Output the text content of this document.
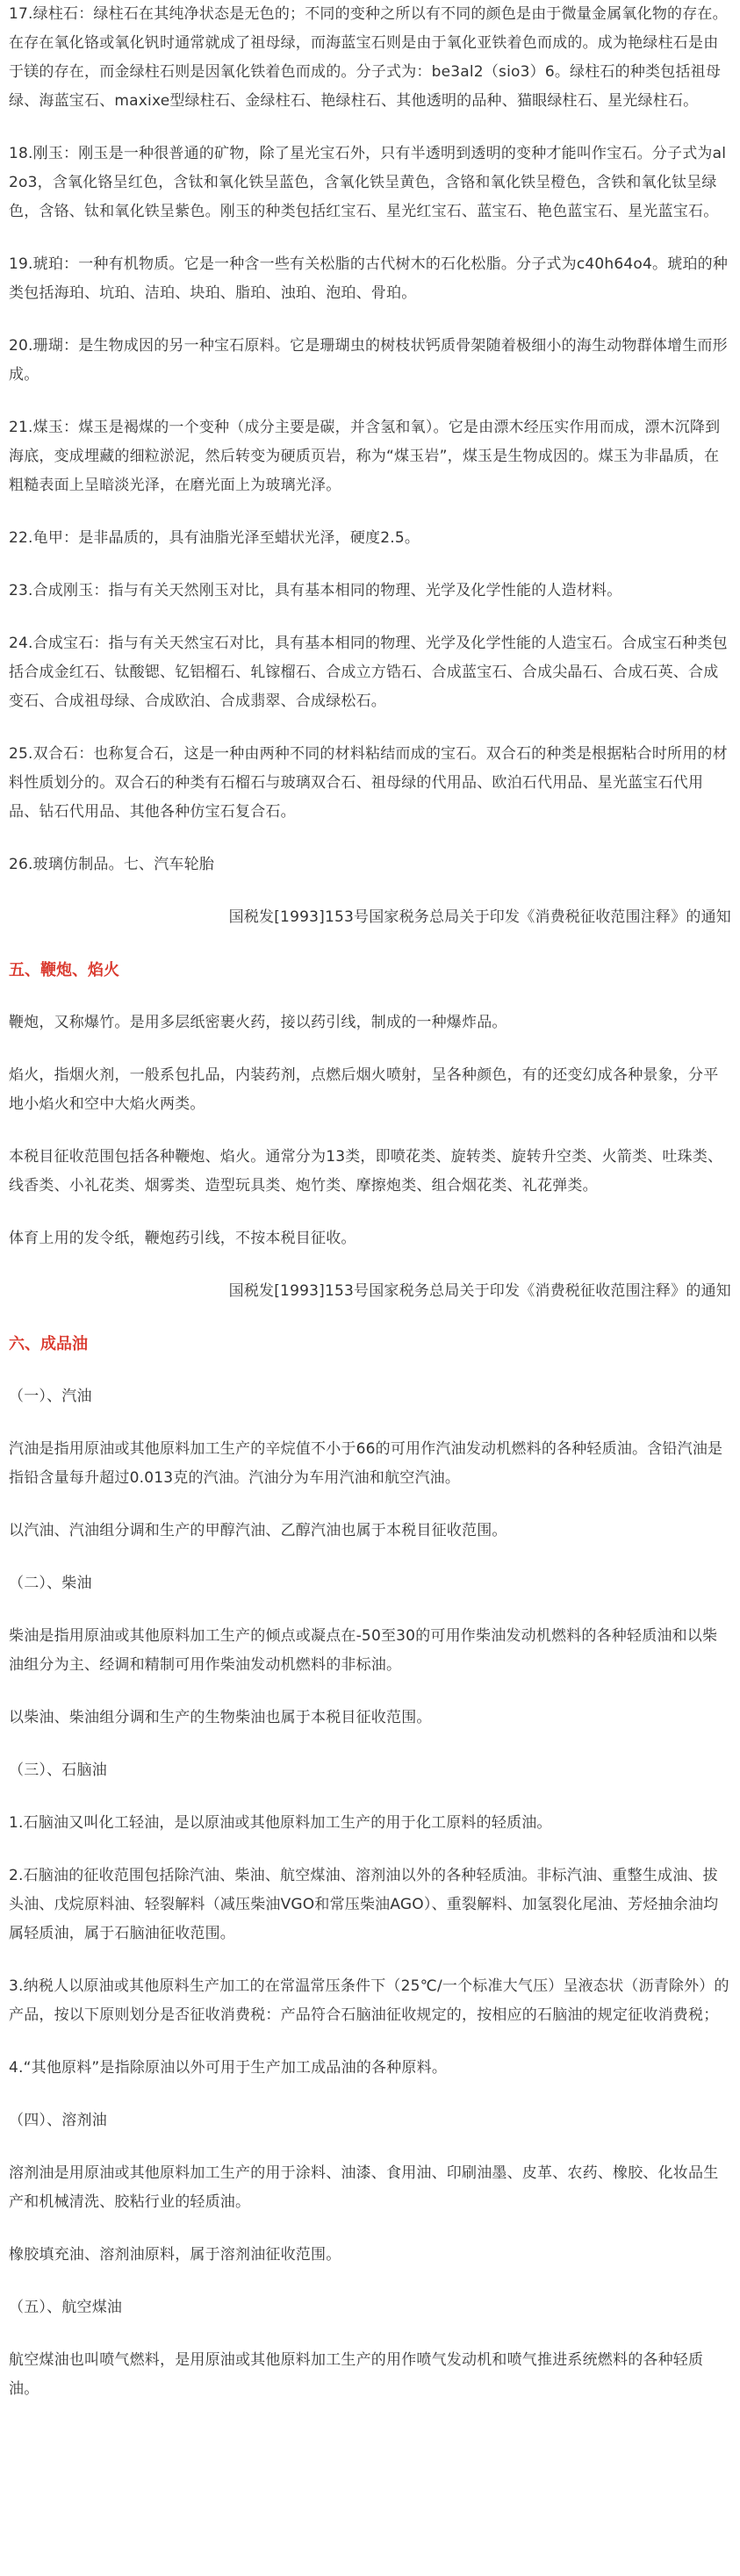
17.绿柱石：绿柱石在其纯净状态是无色的；不同的变种之所以有不同的颜色是由于微量金属氧化物的存在。在存在氧化铬或氧化钒时通常就成了祖母绿，而海蓝宝石则是由于氧化亚铁着色而成的。成为艳绿柱石是由于镁的存在，而金绿柱石则是因氧化铁着色而成的。分子式为：be3al2（sio3）6。绿柱石的种类包括祖母绿、海蓝宝石、maxixe型绿柱石、金绿柱石、艳绿柱石、其他透明的品种、猫眼绿柱石、星光绿柱石。

18.刚玉：刚玉是一种很普通的矿物，除了星光宝石外，只有半透明到透明的变种才能叫作宝石。分子式为al2o3，含氧化铬呈红色，含钛和氧化铁呈蓝色，含氧化铁呈黄色，含铬和氧化铁呈橙色，含铁和氧化钛呈绿色，含铬、钛和氧化铁呈紫色。刚玉的种类包括红宝石、星光红宝石、蓝宝石、艳色蓝宝石、星光蓝宝石。

19.琥珀：一种有机物质。它是一种含一些有关松脂的古代树木的石化松脂。分子式为c40h64o4。琥珀的种类包括海珀、坑珀、洁珀、块珀、脂珀、浊珀、泡珀、骨珀。

20.珊瑚：是生物成因的另一种宝石原料。它是珊瑚虫的树枝状钙质骨架随着极细小的海生动物群体增生而形成。

21.煤玉：煤玉是褐煤的一个变种（成分主要是碳，并含氢和氧）。它是由漂木经压实作用而成，漂木沉降到海底，变成埋藏的细粒淤泥，然后转变为硬质页岩，称为“煤玉岩”，煤玉是生物成因的。煤玉为非晶质，在粗糙表面上呈暗淡光泽，在磨光面上为玻璃光泽。

22.龟甲：是非晶质的，具有油脂光泽至蜡状光泽，硬度2.5。

23.合成刚玉：指与有关天然刚玉对比，具有基本相同的物理、光学及化学性能的人造材料。

24.合成宝石：指与有关天然宝石对比，具有基本相同的物理、光学及化学性能的人造宝石。合成宝石种类包括合成金红石、钛酸锶、钇铝榴石、轧镓榴石、合成立方锆石、合成蓝宝石、合成尖晶石、合成石英、合成变石、合成祖母绿、合成欧泊、合成翡翠、合成绿松石。

25.双合石：也称复合石，这是一种由两种不同的材料粘结而成的宝石。双合石的种类是根据粘合时所用的材料性质划分的。双合石的种类有石榴石与玻璃双合石、祖母绿的代用品、欧泊石代用品、星光蓝宝石代用品、钻石代用品、其他各种仿宝石复合石。

26.玻璃仿制品。七、汽车轮胎

国税发[1993]153号国家税务总局关于印发《消费税征收范围注释》的通知

五、鞭炮、焰火

鞭炮，又称爆竹。是用多层纸密裹火药，接以药引线，制成的一种爆炸品。

焰火，指烟火剂，一般系包扎品，内装药剂，点燃后烟火喷射，呈各种颜色，有的还变幻成各种景象，分平地小焰火和空中大焰火两类。

本税目征收范围包括各种鞭炮、焰火。通常分为13类，即喷花类、旋转类、旋转升空类、火箭类、吐珠类、线香类、小礼花类、烟雾类、造型玩具类、炮竹类、摩擦炮类、组合烟花类、礼花弹类。

体育上用的发令纸，鞭炮药引线，不按本税目征收。

国税发[1993]153号国家税务总局关于印发《消费税征收范围注释》的通知

六、成品油

（一）、汽油

汽油是指用原油或其他原料加工生产的辛烷值不小于66的可用作汽油发动机燃料的各种轻质油。含铅汽油是指铅含量每升超过0.013克的汽油。汽油分为车用汽油和航空汽油。

以汽油、汽油组分调和生产的甲醇汽油、乙醇汽油也属于本税目征收范围。

（二）、柴油

柴油是指用原油或其他原料加工生产的倾点或凝点在-50至30的可用作柴油发动机燃料的各种轻质油和以柴油组分为主、经调和精制可用作柴油发动机燃料的非标油。

以柴油、柴油组分调和生产的生物柴油也属于本税目征收范围。

（三）、石脑油

1.石脑油又叫化工轻油，是以原油或其他原料加工生产的用于化工原料的轻质油。

2.石脑油的征收范围包括除汽油、柴油、航空煤油、溶剂油以外的各种轻质油。非标汽油、重整生成油、拔头油、戊烷原料油、轻裂解料（减压柴油VGO和常压柴油AGO）、重裂解料、加氢裂化尾油、芳烃抽余油均属轻质油，属于石脑油征收范围。

3.纳税人以原油或其他原料生产加工的在常温常压条件下（25℃/一个标准大气压）呈液态状（沥青除外）的产品，按以下原则划分是否征收消费税：产品符合石脑油征收规定的，按相应的石脑油的规定征收消费税；

4.“其他原料”是指除原油以外可用于生产加工成品油的各种原料。

（四）、溶剂油

溶剂油是用原油或其他原料加工生产的用于涂料、油漆、食用油、印刷油墨、皮革、农药、橡胶、化妆品生产和机械清洗、胶粘行业的轻质油。

橡胶填充油、溶剂油原料，属于溶剂油征收范围。

（五）、航空煤油

航空煤油也叫喷气燃料，是用原油或其他原料加工生产的用作喷气发动机和喷气推进系统燃料的各种轻质油。
